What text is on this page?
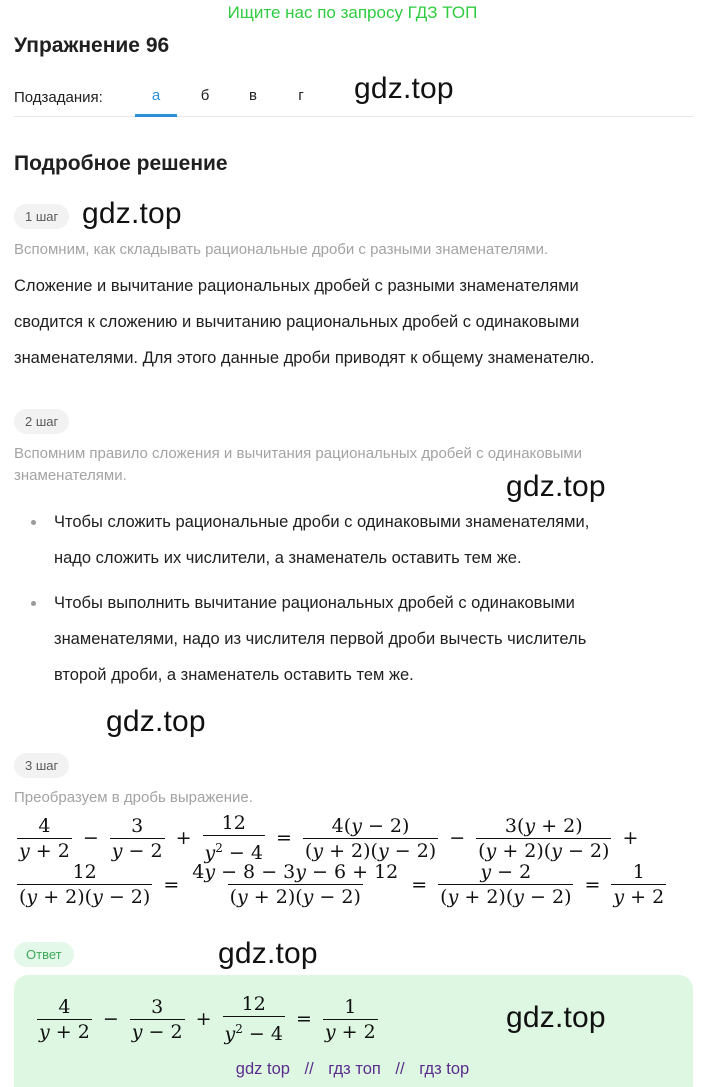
Ищите нас по запросу ГДЗ ТОП
Упражнение 96
Подзадания:	а	б	в	г	gdz.top
Подробное решение
1 шаг gdz.top
Вспомним, как складывать рациональные дроби с разными знаменателями.
Сложение и вычитание рациональных дробей с разными знаменателями
сводится к сложению и вычитанию рациональных дробей с одинаковыми
знаменателями. Для этого данные дроби приводят к общему знаменателю.
2 шаг
Вспомним правило сложения и вычитания рациональных дробей с одинаковыми
знаменателями.	gdz.top
Чтобы сложить рациональные дроби с одинаковыми знаменателями,
надо сложить их числители, а знаменатель оставить тем же.
Чтобы выполнить вычитание рациональных дробей с одинаковыми
знаменателями, надо из числителя первой дроби вычесть числитель
второй дроби, а знаменатель оставить тем же.
gdz.top
3 шаг
Преобразуем в дробь выражение.
$\frac{4}{y + 2} - \frac{3}{y - 2} + \frac{12}{y^2 - 4} = \frac{4(y - 2)}{(y + 2)(y - 2)} - \frac{3(y + 2)}{(y + 2)(y - 2)}$ +
$\frac{12}{(y + 2)(y - 2)} = \frac{4y - 8 - 3y - 6 + 12}{(y + 2)(y - 2)} = \frac{y - 2}{(y + 2)(y - 2)} = \frac{1}{y + 2}$
Ответ	gdz.top
$\frac{4}{y + 2} - \frac{3}{y - 2} + \frac{12}{y^2 - 4} = \frac{1}{y + 2}$	gdz.top
gdz top // гдз топ // гдз top
